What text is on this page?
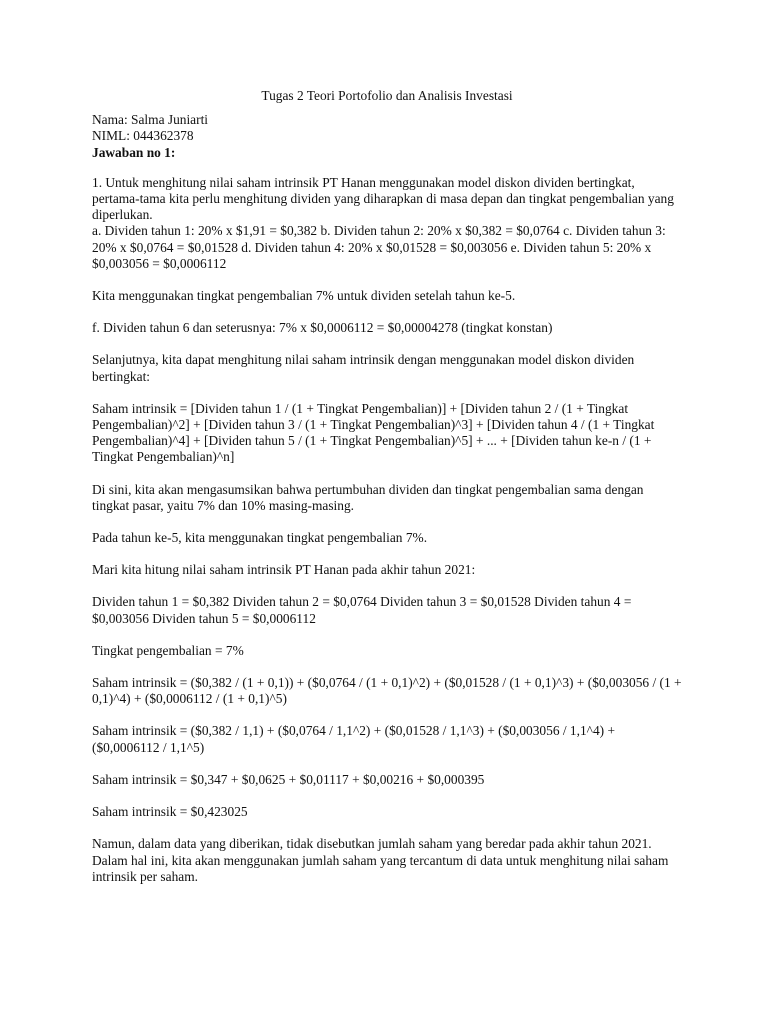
Tugas 2 Teori Portofolio dan Analisis Investasi
Nama: Salma Juniarti
NIML: 044362378
Jawaban no 1:

1. Untuk menghitung nilai saham intrinsik PT Hanan menggunakan model diskon dividen bertingkat, pertama-tama kita perlu menghitung dividen yang diharapkan di masa depan dan tingkat pengembalian yang diperlukan.

a. Dividen tahun 1: 20% x $1,91 = $0,382 b. Dividen tahun 2: 20% x $0,382 = $0,0764 c. Dividen tahun 3: 20% x $0,0764 = $0,01528 d. Dividen tahun 4: 20% x $0,01528 = $0,003056 e. Dividen tahun 5: 20% x $0,003056 = $0,0006112

Kita menggunakan tingkat pengembalian 7% untuk dividen setelah tahun ke-5.

f. Dividen tahun 6 dan seterusnya: 7% x $0,0006112 = $0,00004278 (tingkat konstan)

Selanjutnya, kita dapat menghitung nilai saham intrinsik dengan menggunakan model diskon dividen bertingkat:

Saham intrinsik = [Dividen tahun 1 / (1 + Tingkat Pengembalian)] + [Dividen tahun 2 / (1 + Tingkat Pengembalian)^2] + [Dividen tahun 3 / (1 + Tingkat Pengembalian)^3] + [Dividen tahun 4 / (1 + Tingkat Pengembalian)^4] + [Dividen tahun 5 / (1 + Tingkat Pengembalian)^5] + ... + [Dividen tahun ke-n / (1 + Tingkat Pengembalian)^n]

Di sini, kita akan mengasumsikan bahwa pertumbuhan dividen dan tingkat pengembalian sama dengan tingkat pasar, yaitu 7% dan 10% masing-masing.

Pada tahun ke-5, kita menggunakan tingkat pengembalian 7%.

Mari kita hitung nilai saham intrinsik PT Hanan pada akhir tahun 2021:

Dividen tahun 1 = $0,382 Dividen tahun 2 = $0,0764 Dividen tahun 3 = $0,01528 Dividen tahun 4 = $0,003056 Dividen tahun 5 = $0,0006112

Tingkat pengembalian = 7%

Saham intrinsik = ($0,382 / (1 + 0,1)) + ($0,0764 / (1 + 0,1)^2) + ($0,01528 / (1 + 0,1)^3) + ($0,003056 / (1 + 0,1)^4) + ($0,0006112 / (1 + 0,1)^5)

Saham intrinsik = ($0,382 / 1,1) + ($0,0764 / 1,1^2) + ($0,01528 / 1,1^3) + ($0,003056 / 1,1^4) + ($0,0006112 / 1,1^5)

Saham intrinsik = $0,347 + $0,0625 + $0,01117 + $0,00216 + $0,000395

Saham intrinsik = $0,423025

Namun, dalam data yang diberikan, tidak disebutkan jumlah saham yang beredar pada akhir tahun 2021. Dalam hal ini, kita akan menggunakan jumlah saham yang tercantum di data untuk menghitung nilai saham intrinsik per saham.
